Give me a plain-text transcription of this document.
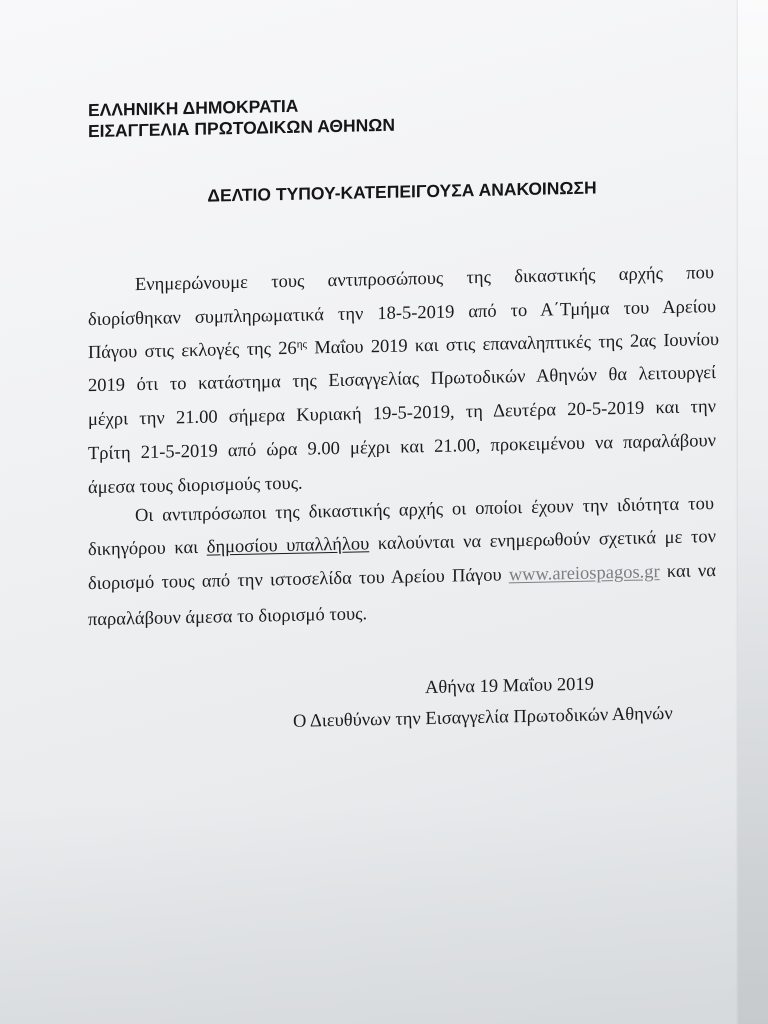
ΕΛΛΗΝΙΚΗ ΔΗΜΟΚΡΑΤΙΑ
ΕΙΣΑΓΓΕΛΙΑ ΠΡΩΤΟΔΙΚΩΝ ΑΘΗΝΩΝ
ΔΕΛΤΙΟ ΤΥΠΟΥ-ΚΑΤΕΠΕΙΓΟΥΣΑ ΑΝΑΚΟΙΝΩΣΗ
Ενημερώνουμε τους αντιπροσώπους της δικαστικής αρχής που
διορίσθηκαν συμπληρωματικά την 18-5-2019 από το Α΄Τμήμα του Αρείου
Πάγου στις εκλογές της $26^{\eta\varsigma}$ Μαΐου 2019 και στις επαναληπτικές της 2ας Ιουνίου
2019 ότι το κατάστημα της Εισαγγελίας Πρωτοδικών Αθηνών θα λειτουργεί
μέχρι την 21.00 σήμερα Κυριακή 19-5-2019, τη Δευτέρα 20-5-2019 και την
Τρίτη 21-5-2019 από ώρα 9.00 μέχρι και 21.00, προκειμένου να παραλάβουν
άμεσα τους διορισμούς τους.
Οι αντιπρόσωποι της δικαστικής αρχής οι οποίοι έχουν την ιδιότητα του
δικηγόρου και δημοσίου υπαλλήλου καλούνται να ενημερωθούν σχετικά με τον
διορισμό τους από την ιστοσελίδα του Αρείου Πάγου www.areiospagos.gr και να
παραλάβουν άμεσα το διορισμό τους.
Αθήνα 19 Μαΐου 2019
Ο Διευθύνων την Εισαγγελία Πρωτοδικών Αθηνών
